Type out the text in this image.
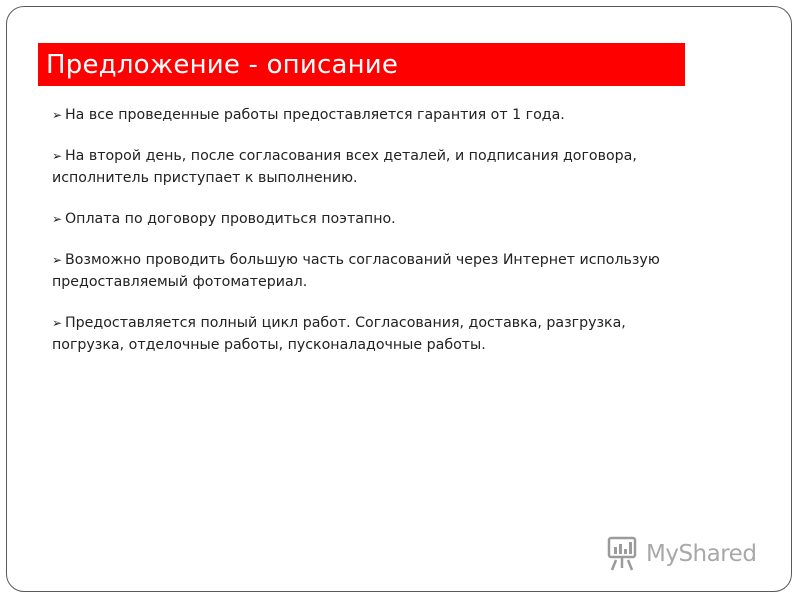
Предложение - описание
➢ На все проведенные работы предоставляется гарантия от 1 года.
➢ На второй день, после согласования всех деталей, и подписания договора,
исполнитель приступает к выполнению.
➢ Оплата по договору проводиться поэтапно.
➢ Возможно проводить большую часть согласований через Интернет использую
предоставляемый фотоматериал.
➢ Предоставляется полный цикл работ. Согласования, доставка, разгрузка,
погрузка, отделочные работы, пусконаладочные работы.
MyShared
